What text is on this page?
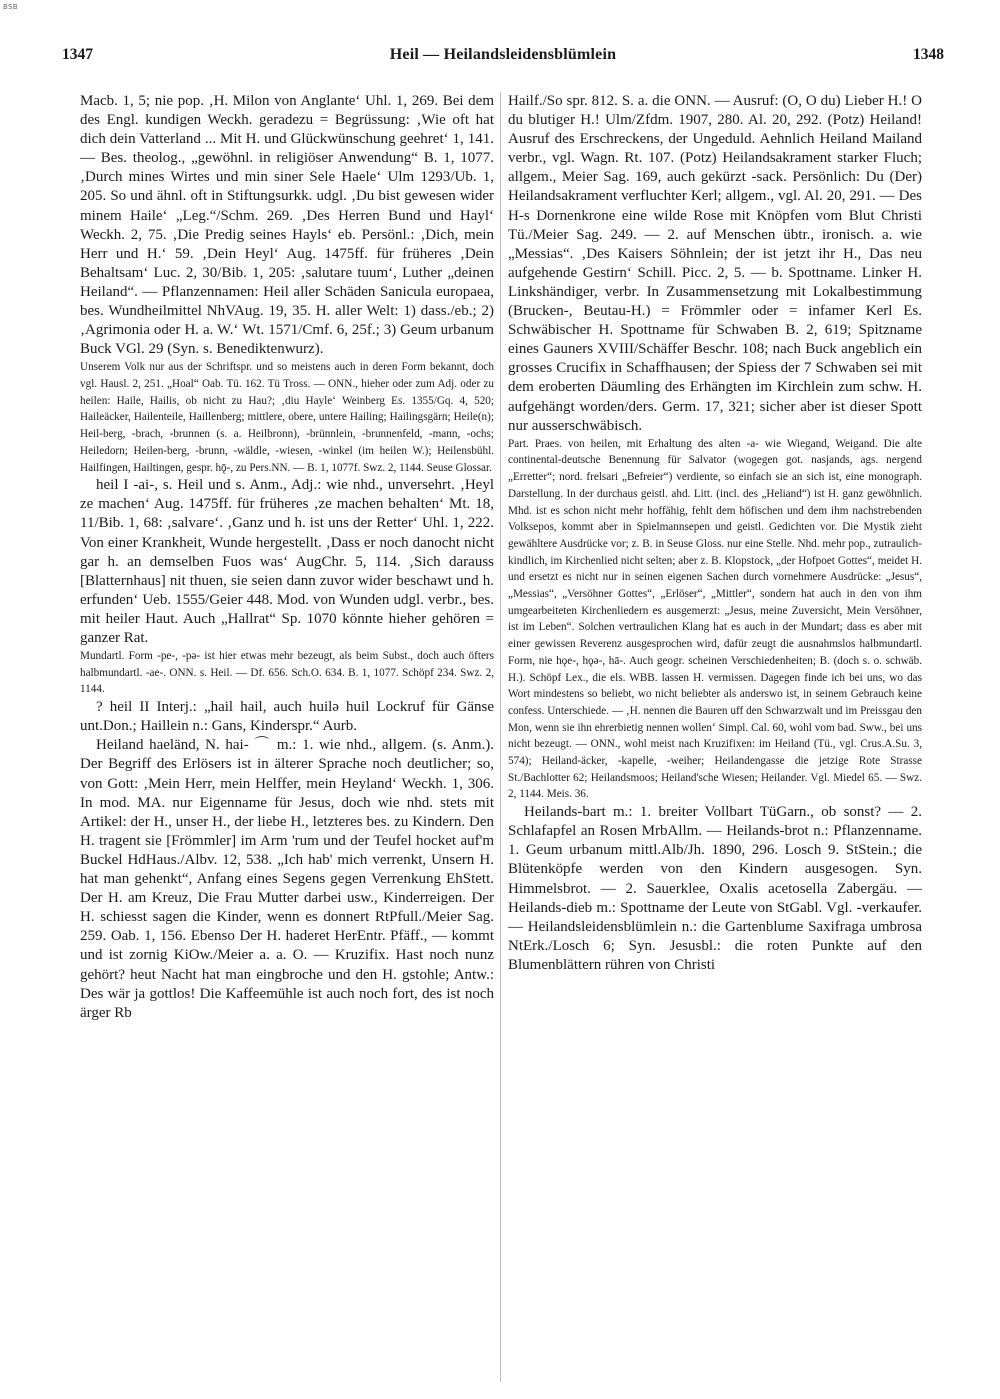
BSB
1347	Heil — Heilandsleidensblümlein	1348

Macb. 1, 5; nie pop. ‚H. Milon von Anglante‘ Uhl. 1, 269. Bei dem des Engl. kundigen Weckh. geradezu = Begrüssung: ‚Wie oft hat dich dein Vatterland ... Mit H. und Glückwünschung geehret‘ 1, 141. — Bes. theolog., „gewöhnl. in religiöser Anwendung“ B. 1, 1077. ‚Durch mines Wirtes und min siner Sele Haele‘ Ulm 1293/Ub. 1, 205. So und ähnl. oft in Stiftungsurkk. udgl. ‚Du bist gewesen wider minem Haile‘ „Leg.“/Schm. 269. ‚Des Herren Bund und Hayl‘ Weckh. 2, 75. ‚Die Predig seines Hayls‘ eb. Persönl.: ‚Dich, mein Herr und H.‘ 59. ‚Dein Heyl‘ Aug. 1475ff. für früheres ‚Dein Behaltsam‘ Luc. 2, 30/Bib. 1, 205: ‚salutare tuum‘, Luther „deinen Heiland“. — Pflanzennamen: Heil aller Schäden Sanicula europaea, bes. Wundheilmittel NhVAug. 19, 35. H. aller Welt: 1) dass./eb.; 2) ‚Agrimonia oder H. a. W.‘ Wt. 1571/Cmf. 6, 25f.; 3) Geum urbanum Buck VGl. 29 (Syn. s. Benediktenwurz).

Unserem Volk nur aus der Schriftspr. und so meistens auch in deren Form bekannt, doch vgl. Hausl. 2, 251. „Hoal“ Oab. Tü. 162. Tü Tross. — ONN., hieher oder zum Adj. oder zu heilen: Haile, Hailis, ob nicht zu Hau?; ‚diu Hayle‘ Weinberg Es. 1355/Gq. 4, 520; Haileäcker, Hailenteile, Haillenberg; mittlere, obere, untere Hailing; Hailingsgärn; Heile(n); Heil-berg, -brach, -brunnen (s. a. Heilbronn), -brünnlein, -brunnenfeld, -mann, -ochs; Heiledorn; Heilen-berg, -brunn, -wäldle, -wiesen, -winkel (im heilen W.); Heilensbühl. Hailfingen, Hailtingen, gespr. hǭ-, zu Pers.NN. — B. 1, 1077f. Swz. 2, 1144. Seuse Glossar.

heil I -ai-, s. Heil und s. Anm., Adj.: wie nhd., unversehrt. ‚Heyl ze machen‘ Aug. 1475ff. für früheres ‚ze machen behalten‘ Mt. 18, 11/Bib. 1, 68: ‚salvare‘. ‚Ganz und h. ist uns der Retter‘ Uhl. 1, 222. Von einer Krankheit, Wunde hergestellt. ‚Dass er noch danocht nicht gar h. an demselben Fuos was‘ AugChr. 5, 114. ‚Sich darauss [Blatternhaus] nit thuen, sie seien dann zuvor wider beschawt und h. erfunden‘ Ueb. 1555/Geier 448. Mod. von Wunden udgl. verbr., bes. mit heiler Haut. Auch „Hallrat“ Sp. 1070 könnte hieher gehören = ganzer Rat.

Mundartl. Form -pe-, -pə- ist hier etwas mehr bezeugt, als beim Subst., doch auch öfters halbmundartl. -ae-. ONN. s. Heil. — Df. 656. Sch.O. 634. B. 1, 1077. Schöpf 234. Swz. 2, 1144.

? heil II Interj.: „hail hail, auch huilə huil Lockruf für Gänse unt.Don.; Haillein n.: Gans, Kinderspr.“ Aurb.

Heiland haeländ, N. hai- ⌒ m.: 1. wie nhd., allgem. (s. Anm.). Der Begriff des Erlösers ist in älterer Sprache noch deutlicher; so, von Gott: ‚Mein Herr, mein Helffer, mein Heyland‘ Weckh. 1, 306. In mod. MA. nur Eigenname für Jesus, doch wie nhd. stets mit Artikel: der H., unser H., der liebe H., letzteres bes. zu Kindern. Den H. tragent sie [Frömmler] im Arm 'rum und der Teufel hocket auf'm Buckel HdHaus./Albv. 12, 538. „Ich hab' mich verrenkt, Unsern H. hat man gehenkt“, Anfang eines Segens gegen Verrenkung EhStett. Der H. am Kreuz, Die Frau Mutter darbei usw., Kinderreigen. Der H. schiesst sagen die Kinder, wenn es donnert RtPfull./Meier Sag. 259. Oab. 1, 156. Ebenso Der H. haderet HerEntr. Pfäff., — kommt und ist zornig KiOw./Meier a. a. O. — Kruzifix. Hast noch nunz gehört? heut Nacht hat man eingbroche und den H. gstohle; Antw.: Des wär ja gottlos! Die Kaffeemühle ist auch noch fort, des ist noch ärger Rb

Hailf./So spr. 812. S. a. die ONN. — Ausruf: (O, O du) Lieber H.! O du blutiger H.! Ulm/Zfdm. 1907, 280. Al. 20, 292. (Potz) Heiland! Ausruf des Erschreckens, der Ungeduld. Aehnlich Heiland Mailand verbr., vgl. Wagn. Rt. 107. (Potz) Heilandsakrament starker Fluch; allgem., Meier Sag. 169, auch gekürzt -sack. Persönlich: Du (Der) Heilandsakrament verfluchter Kerl; allgem., vgl. Al. 20, 291. — Des H-s Dornenkrone eine wilde Rose mit Knöpfen vom Blut Christi Tü./Meier Sag. 249. — 2. auf Menschen übtr., ironisch. a. wie „Messias“. ‚Des Kaisers Söhnlein; der ist jetzt ihr H., Das neu aufgehende Gestirn‘ Schill. Picc. 2, 5. — b. Spottname. Linker H. Linkshändiger, verbr. In Zusammensetzung mit Lokalbestimmung (Brucken-, Beutau-H.) = Frömmler oder = infamer Kerl Es. Schwäbischer H. Spottname für Schwaben B. 2, 619; Spitzname eines Gauners XVIII/Schäffer Beschr. 108; nach Buck angeblich ein grosses Crucifix in Schaffhausen; der Spiess der 7 Schwaben sei mit dem eroberten Däumling des Erhängten im Kirchlein zum schw. H. aufgehängt worden/ders. Germ. 17, 321; sicher aber ist dieser Spott nur ausserschwäbisch.

Part. Praes. von heilen, mit Erhaltung des alten -a- wie Wiegand, Weigand. Die alte continental-deutsche Benennung für Salvator (wogegen got. nasjands, ags. nergend „Erretter“; nord. frelsari „Befreier“) verdiente, so einfach sie an sich ist, eine monograph. Darstellung. In der durchaus geistl. ahd. Litt. (incl. des „Heliand“) ist H. ganz gewöhnlich. Mhd. ist es schon nicht mehr hoffähig, fehlt dem höfischen und dem ihm nachstrebenden Volksepos, kommt aber in Spielmannsepen und geistl. Gedichten vor. Die Mystik zieht gewähltere Ausdrücke vor; z. B. in Seuse Gloss. nur eine Stelle. Nhd. mehr pop., zutraulich-kindlich, im Kirchenlied nicht selten; aber z. B. Klopstock, „der Hofpoet Gottes“, meidet H. und ersetzt es nicht nur in seinen eigenen Sachen durch vornehmere Ausdrücke: „Jesus“, „Messias“, „Versöhner Gottes“, „Erlöser“, „Mittler“, sondern hat auch in den von ihm umgearbeiteten Kirchenliedern es ausgemerzt: „Jesus, meine Zuversicht, Mein Versöhner, ist im Leben“. Solchen vertraulichen Klang hat es auch in der Mundart; dass es aber mit einer gewissen Reverenz ausgesprochen wird, dafür zeugt die ausnahmslos halbmundartl. Form, nie hǫe-, hǫə-, hā-. Auch geogr. scheinen Verschiedenheiten; B. (doch s. o. schwäb. H.). Schöpf Lex., die els. WBB. lassen H. vermissen. Dagegen finde ich bei uns, wo das Wort mindestens so beliebt, wo nicht beliebter als anderswo ist, in seinem Gebrauch keine confess. Unterschiede. — ‚H. nennen die Bauren uff den Schwarzwalt und im Preissgau den Mon, wenn sie ihn ehrerbietig nennen wollen‘ Simpl. Cal. 60, wohl vom bad. Sww., bei uns nicht bezeugt. — ONN., wohl meist nach Kruzifixen: im Heiland (Tü., vgl. Crus.A.Su. 3, 574); Heiland-äcker, -kapelle, -weiher; Heilandengasse die jetzige Rote Strasse St./Bachlotter 62; Heilandsmoos; Heiland'sche Wiesen; Heilander. Vgl. Miedel 65. — Swz. 2, 1144. Meis. 36.

Heilands-bart m.: 1. breiter Vollbart TüGarn., ob sonst? — 2. Schlafapfel an Rosen MrbAllm. — Heilands-brot n.: Pflanzenname. 1. Geum urbanum mittl.Alb/Jh. 1890, 296. Losch 9. StStein.; die Blütenköpfe werden von den Kindern ausgesogen. Syn. Himmelsbrot. — 2. Sauerklee, Oxalis acetosella Zabergäu. — Heilands-dieb m.: Spottname der Leute von StGabl. Vgl. -verkaufer. — Heilandsleidensblümlein n.: die Gartenblume Saxifraga umbrosa NtErk./Losch 6; Syn. Jesusbl.: die roten Punkte auf den Blumenblättern rühren von Christi
